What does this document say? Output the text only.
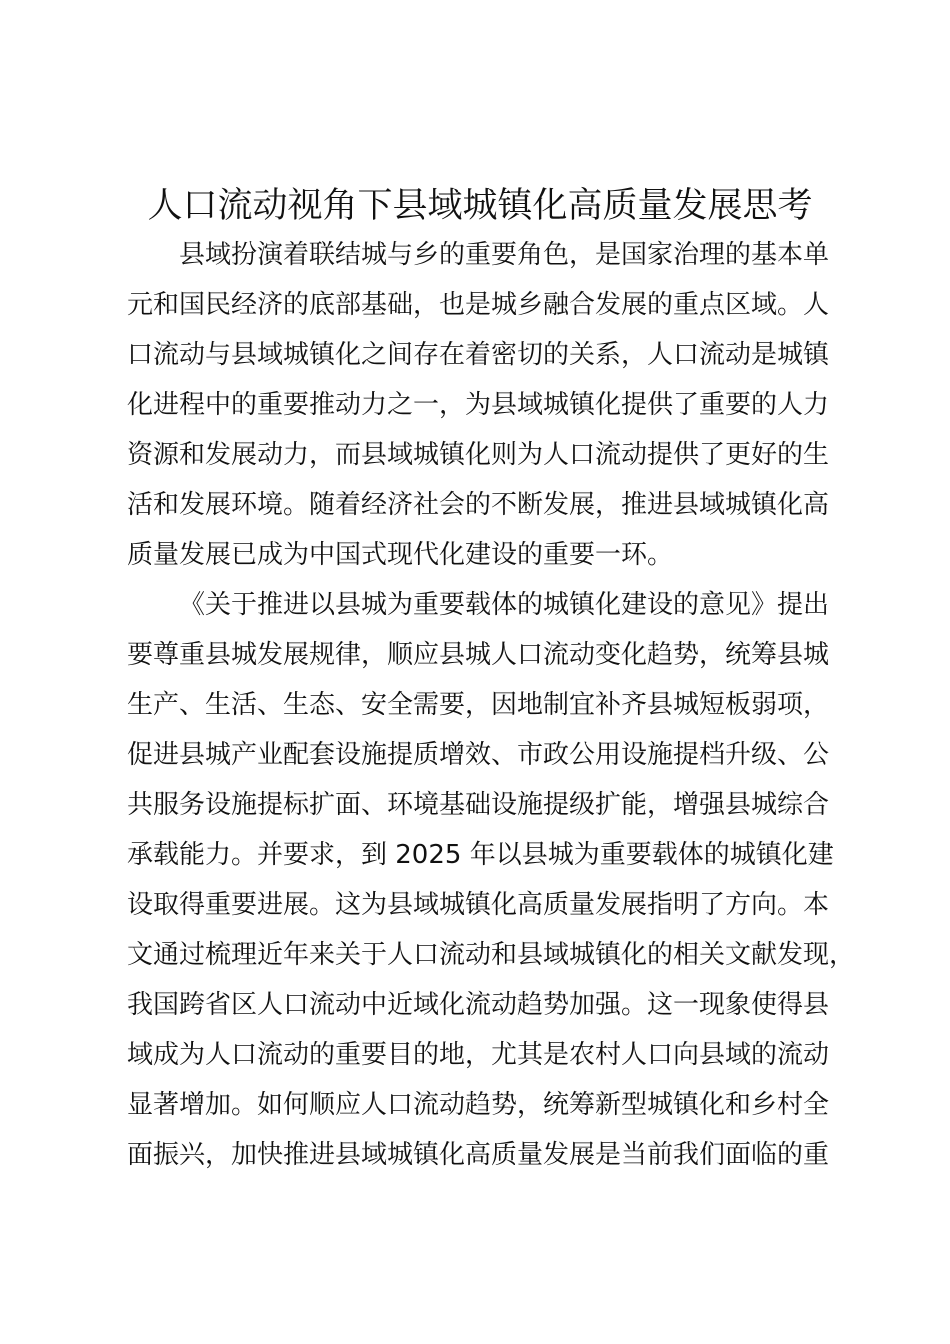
人口流动视角下县域城镇化高质量发展思考
县域扮演着联结城与乡的重要角色，是国家治理的基本单
元和国民经济的底部基础，也是城乡融合发展的重点区域。人
口流动与县域城镇化之间存在着密切的关系，人口流动是城镇
化进程中的重要推动力之一，为县域城镇化提供了重要的人力
资源和发展动力，而县域城镇化则为人口流动提供了更好的生
活和发展环境。随着经济社会的不断发展，推进县域城镇化高
质量发展已成为中国式现代化建设的重要一环。
《关于推进以县城为重要载体的城镇化建设的意见》提出
要尊重县城发展规律，顺应县城人口流动变化趋势，统筹县城
生产、生活、生态、安全需要，因地制宜补齐县城短板弱项，
促进县城产业配套设施提质增效、市政公用设施提档升级、公
共服务设施提标扩面、环境基础设施提级扩能，增强县城综合
承载能力。并要求，到 2025 年以县城为重要载体的城镇化建
设取得重要进展。这为县域城镇化高质量发展指明了方向。本
文通过梳理近年来关于人口流动和县域城镇化的相关文献发现，
我国跨省区人口流动中近域化流动趋势加强。这一现象使得县
域成为人口流动的重要目的地，尤其是农村人口向县域的流动
显著增加。如何顺应人口流动趋势，统筹新型城镇化和乡村全
面振兴，加快推进县域城镇化高质量发展是当前我们面临的重
